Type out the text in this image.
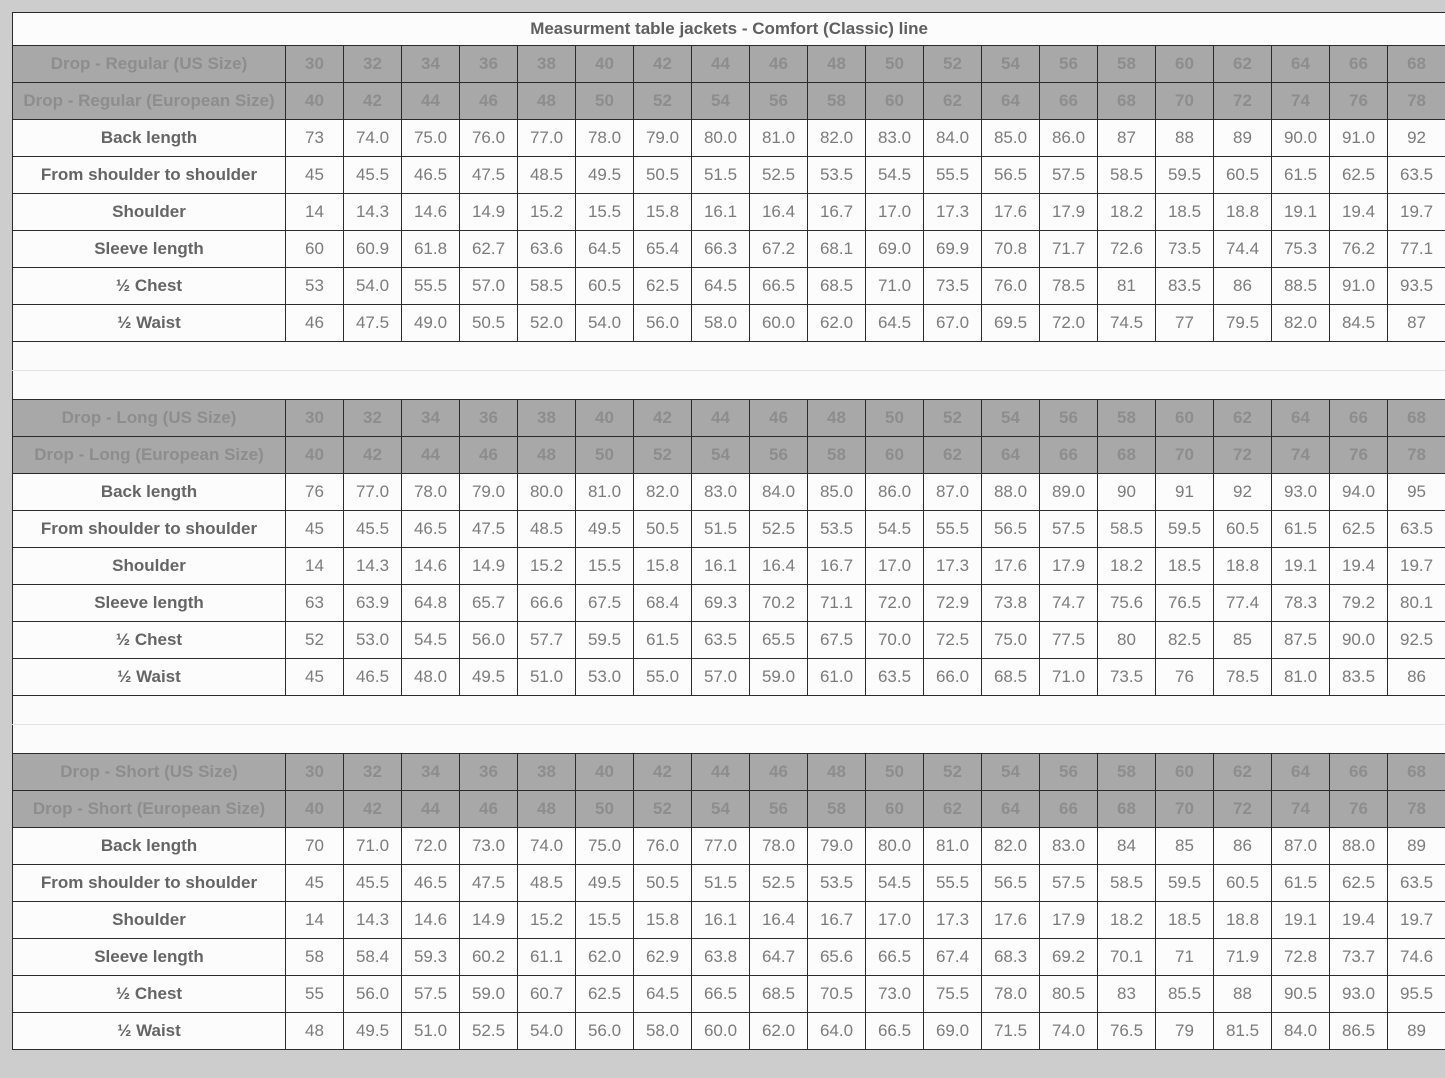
Measurment table jackets - Comfort (Classic) line																				
Drop - Regular (US Size)	30	32	34	36	38	40	42	44	46	48	50	52	54	56	58	60	62	64	66	68
Drop - Regular (European Size)	40	42	44	46	48	50	52	54	56	58	60	62	64	66	68	70	72	74	76	78
Back length	73	74.0	75.0	76.0	77.0	78.0	79.0	80.0	81.0	82.0	83.0	84.0	85.0	86.0	87	88	89	90.0	91.0	92
From shoulder to shoulder	45	45.5	46.5	47.5	48.5	49.5	50.5	51.5	52.5	53.5	54.5	55.5	56.5	57.5	58.5	59.5	60.5	61.5	62.5	63.5
Shoulder	14	14.3	14.6	14.9	15.2	15.5	15.8	16.1	16.4	16.7	17.0	17.3	17.6	17.9	18.2	18.5	18.8	19.1	19.4	19.7
Sleeve length	60	60.9	61.8	62.7	63.6	64.5	65.4	66.3	67.2	68.1	69.0	69.9	70.8	71.7	72.6	73.5	74.4	75.3	76.2	77.1
½ Chest	53	54.0	55.5	57.0	58.5	60.5	62.5	64.5	66.5	68.5	71.0	73.5	76.0	78.5	81	83.5	86	88.5	91.0	93.5
½ Waist	46	47.5	49.0	50.5	52.0	54.0	56.0	58.0	60.0	62.0	64.5	67.0	69.5	72.0	74.5	77	79.5	82.0	84.5	87

Drop - Long (US Size)	30	32	34	36	38	40	42	44	46	48	50	52	54	56	58	60	62	64	66	68
Drop - Long (European Size)	40	42	44	46	48	50	52	54	56	58	60	62	64	66	68	70	72	74	76	78
Back length	76	77.0	78.0	79.0	80.0	81.0	82.0	83.0	84.0	85.0	86.0	87.0	88.0	89.0	90	91	92	93.0	94.0	95
From shoulder to shoulder	45	45.5	46.5	47.5	48.5	49.5	50.5	51.5	52.5	53.5	54.5	55.5	56.5	57.5	58.5	59.5	60.5	61.5	62.5	63.5
Shoulder	14	14.3	14.6	14.9	15.2	15.5	15.8	16.1	16.4	16.7	17.0	17.3	17.6	17.9	18.2	18.5	18.8	19.1	19.4	19.7
Sleeve length	63	63.9	64.8	65.7	66.6	67.5	68.4	69.3	70.2	71.1	72.0	72.9	73.8	74.7	75.6	76.5	77.4	78.3	79.2	80.1
½ Chest	52	53.0	54.5	56.0	57.7	59.5	61.5	63.5	65.5	67.5	70.0	72.5	75.0	77.5	80	82.5	85	87.5	90.0	92.5
½ Waist	45	46.5	48.0	49.5	51.0	53.0	55.0	57.0	59.0	61.0	63.5	66.0	68.5	71.0	73.5	76	78.5	81.0	83.5	86

Drop - Short (US Size)	30	32	34	36	38	40	42	44	46	48	50	52	54	56	58	60	62	64	66	68
Drop - Short (European Size)	40	42	44	46	48	50	52	54	56	58	60	62	64	66	68	70	72	74	76	78
Back length	70	71.0	72.0	73.0	74.0	75.0	76.0	77.0	78.0	79.0	80.0	81.0	82.0	83.0	84	85	86	87.0	88.0	89
From shoulder to shoulder	45	45.5	46.5	47.5	48.5	49.5	50.5	51.5	52.5	53.5	54.5	55.5	56.5	57.5	58.5	59.5	60.5	61.5	62.5	63.5
Shoulder	14	14.3	14.6	14.9	15.2	15.5	15.8	16.1	16.4	16.7	17.0	17.3	17.6	17.9	18.2	18.5	18.8	19.1	19.4	19.7
Sleeve length	58	58.4	59.3	60.2	61.1	62.0	62.9	63.8	64.7	65.6	66.5	67.4	68.3	69.2	70.1	71	71.9	72.8	73.7	74.6
½ Chest	55	56.0	57.5	59.0	60.7	62.5	64.5	66.5	68.5	70.5	73.0	75.5	78.0	80.5	83	85.5	88	90.5	93.0	95.5
½ Waist	48	49.5	51.0	52.5	54.0	56.0	58.0	60.0	62.0	64.0	66.5	69.0	71.5	74.0	76.5	79	81.5	84.0	86.5	89
